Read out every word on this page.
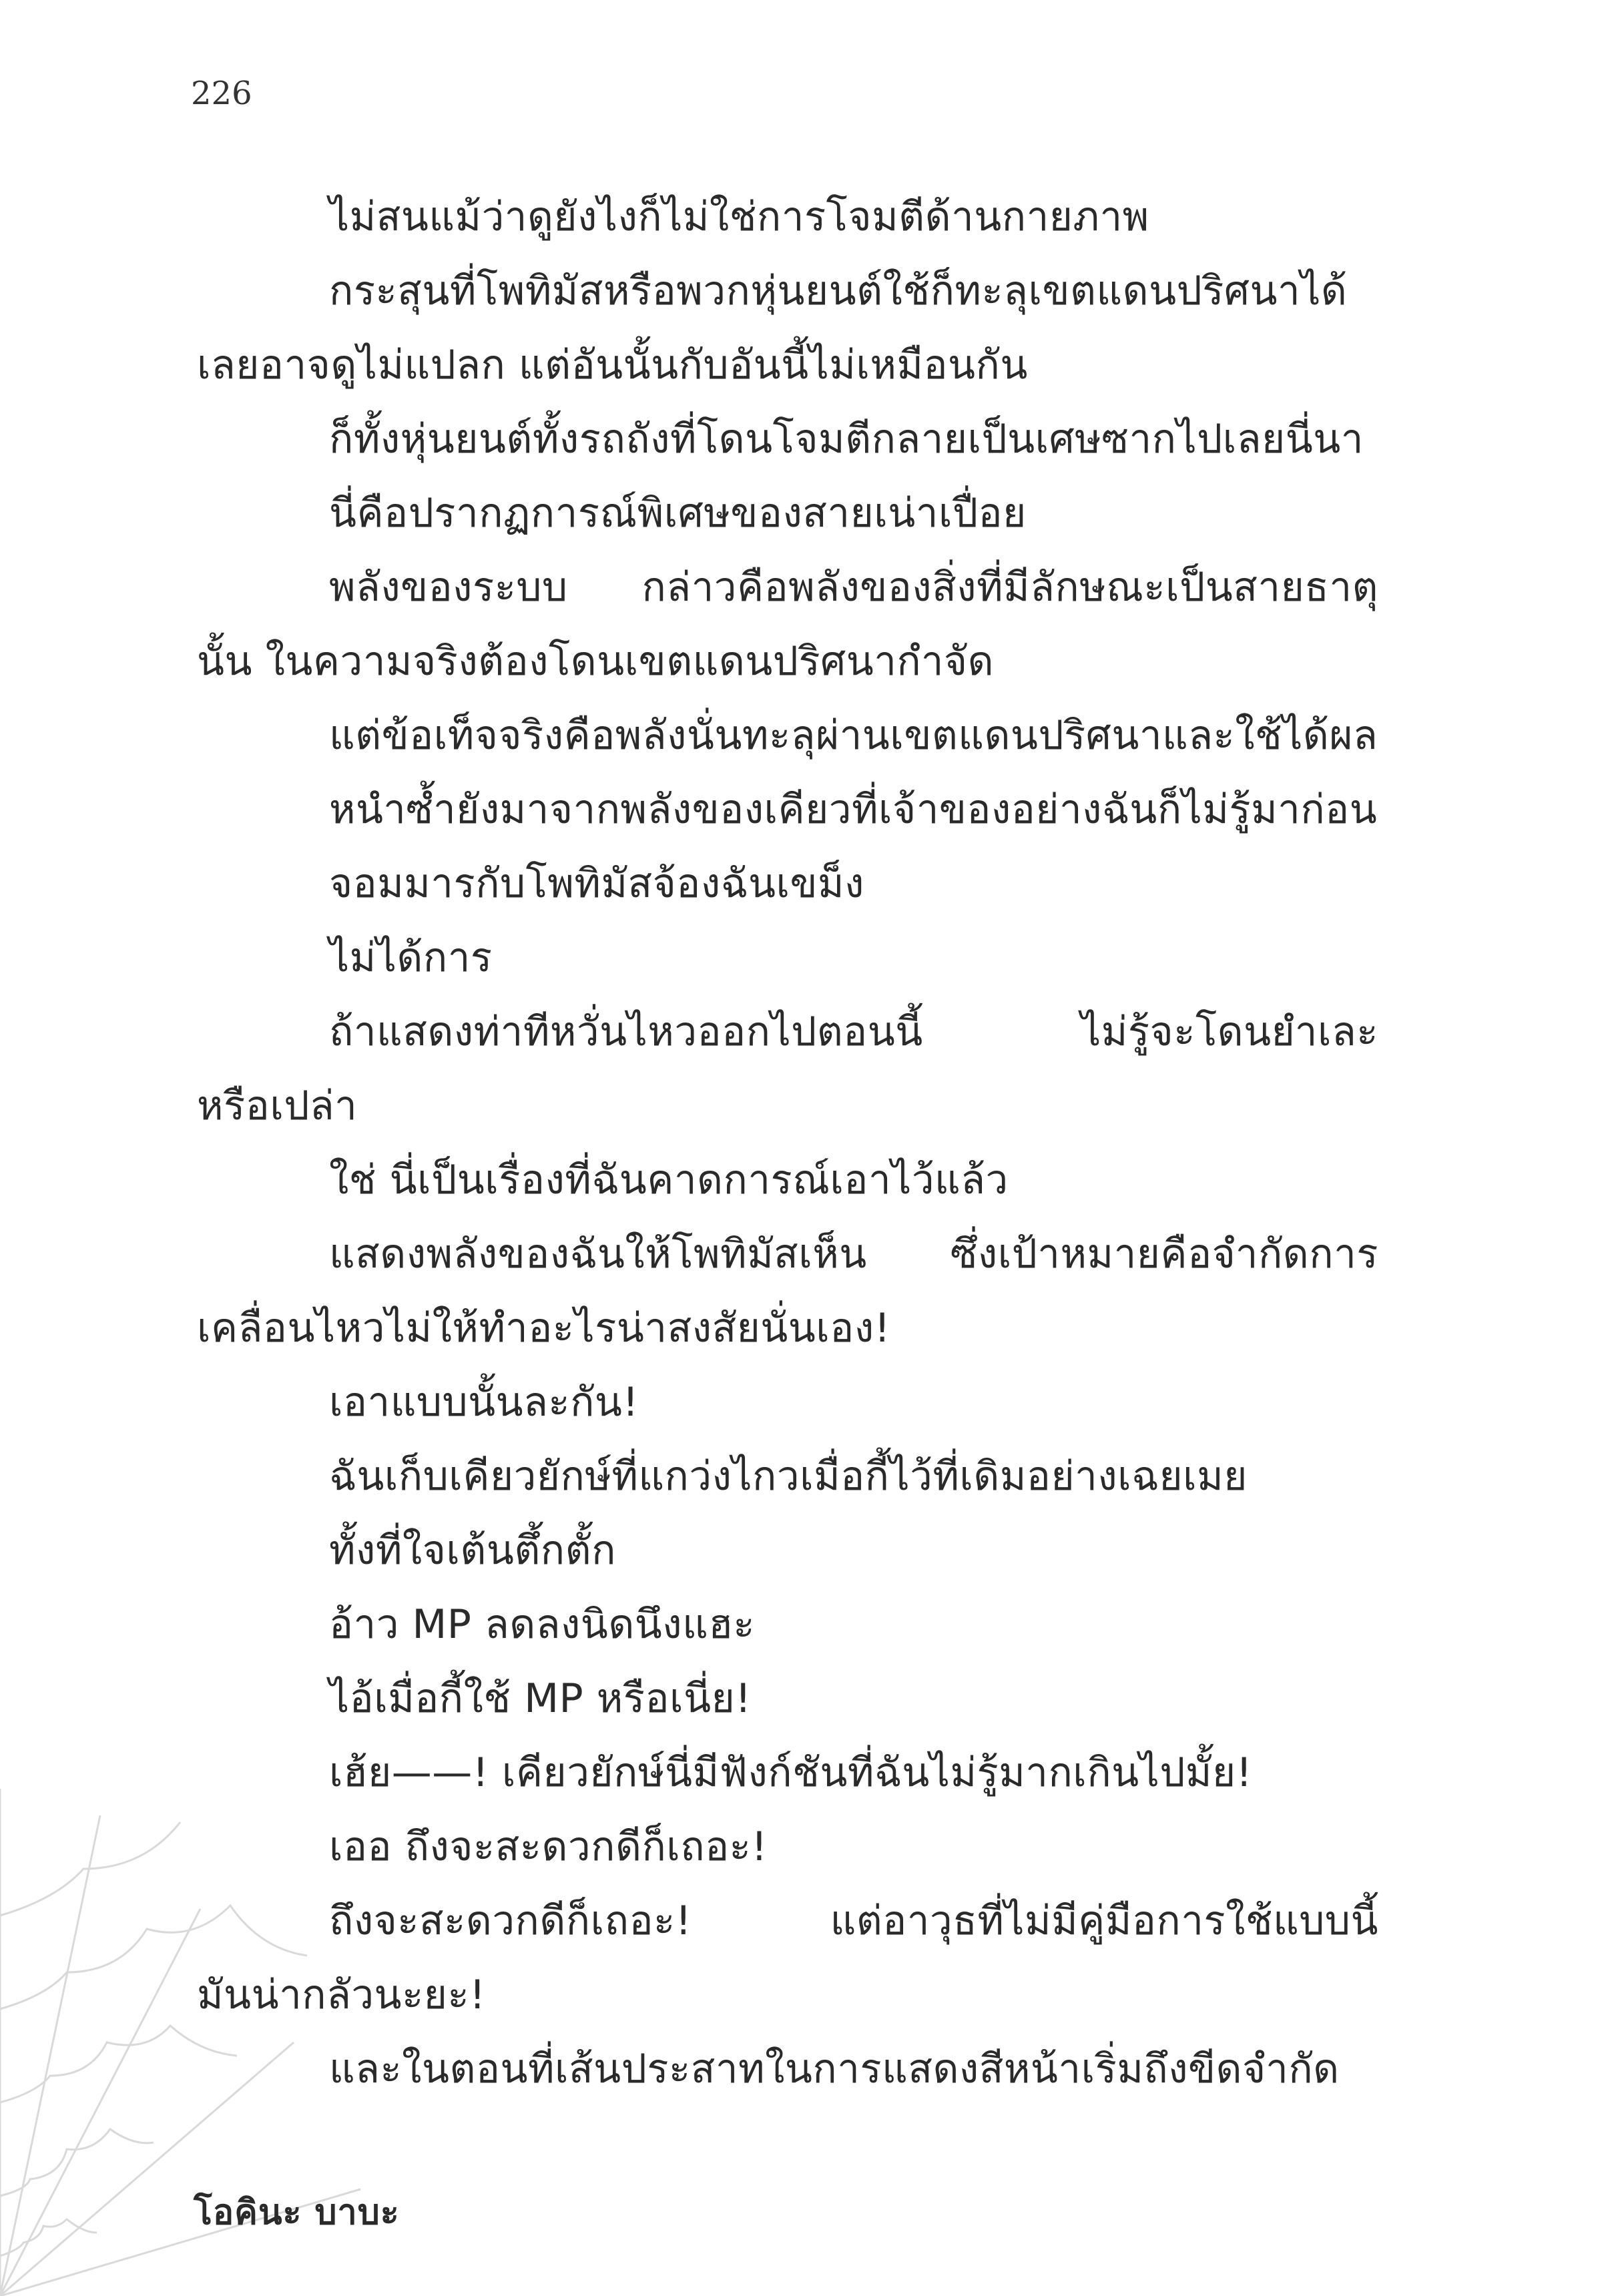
226
ไม่สนแม้ว่าดูยังไงก็ไม่ใช่การโจมตีด้านกายภาพ
กระสุนที่โพทิมัสหรือพวกหุ่นยนต์ใช้ก็ทะลุเขตแดนปริศนาได้
เลยอาจดูไม่แปลก แต่อันนั้นกับอันนี้ไม่เหมือนกัน
ก็ทั้งหุ่นยนต์ทั้งรถถังที่โดนโจมตีกลายเป็นเศษซากไปเลยนี่นา
นี่คือปรากฏการณ์พิเศษของสายเน่าเปื่อย
พลังของระบบ กล่าวคือพลังของสิ่งที่มีลักษณะเป็นสายธาตุ
นั้น ในความจริงต้องโดนเขตแดนปริศนากำจัด
แต่ข้อเท็จจริงคือพลังนั่นทะลุผ่านเขตแดนปริศนาและใช้ได้ผล
หนำซ้ำยังมาจากพลังของเคียวที่เจ้าของอย่างฉันก็ไม่รู้มาก่อน
จอมมารกับโพทิมัสจ้องฉันเขม็ง
ไม่ได้การ
ถ้าแสดงท่าทีหวั่นไหวออกไปตอนนี้ ไม่รู้จะโดนยำเละ
หรือเปล่า
ใช่ นี่เป็นเรื่องที่ฉันคาดการณ์เอาไว้แล้ว
แสดงพลังของฉันให้โพทิมัสเห็น ซึ่งเป้าหมายคือจำกัดการ
เคลื่อนไหวไม่ให้ทำอะไรน่าสงสัยนั่นเอง!
เอาแบบนั้นละกัน!
ฉันเก็บเคียวยักษ์ที่แกว่งไกวเมื่อกี้ไว้ที่เดิมอย่างเฉยเมย
ทั้งที่ใจเต้นตึ้กตั้ก
อ้าว MP ลดลงนิดนึงแฮะ
ไอ้เมื่อกี้ใช้ MP หรือเนี่ย!
เฮ้ย——! เคียวยักษ์นี่มีฟังก์ชันที่ฉันไม่รู้มากเกินไปมั้ย!
เออ ถึงจะสะดวกดีก็เถอะ!
ถึงจะสะดวกดีก็เถอะ! แต่อาวุธที่ไม่มีคู่มือการใช้แบบนี้
มันน่ากลัวนะยะ!
และในตอนที่เส้นประสาทในการแสดงสีหน้าเริ่มถึงขีดจำกัด
โอคินะ บาบะ
